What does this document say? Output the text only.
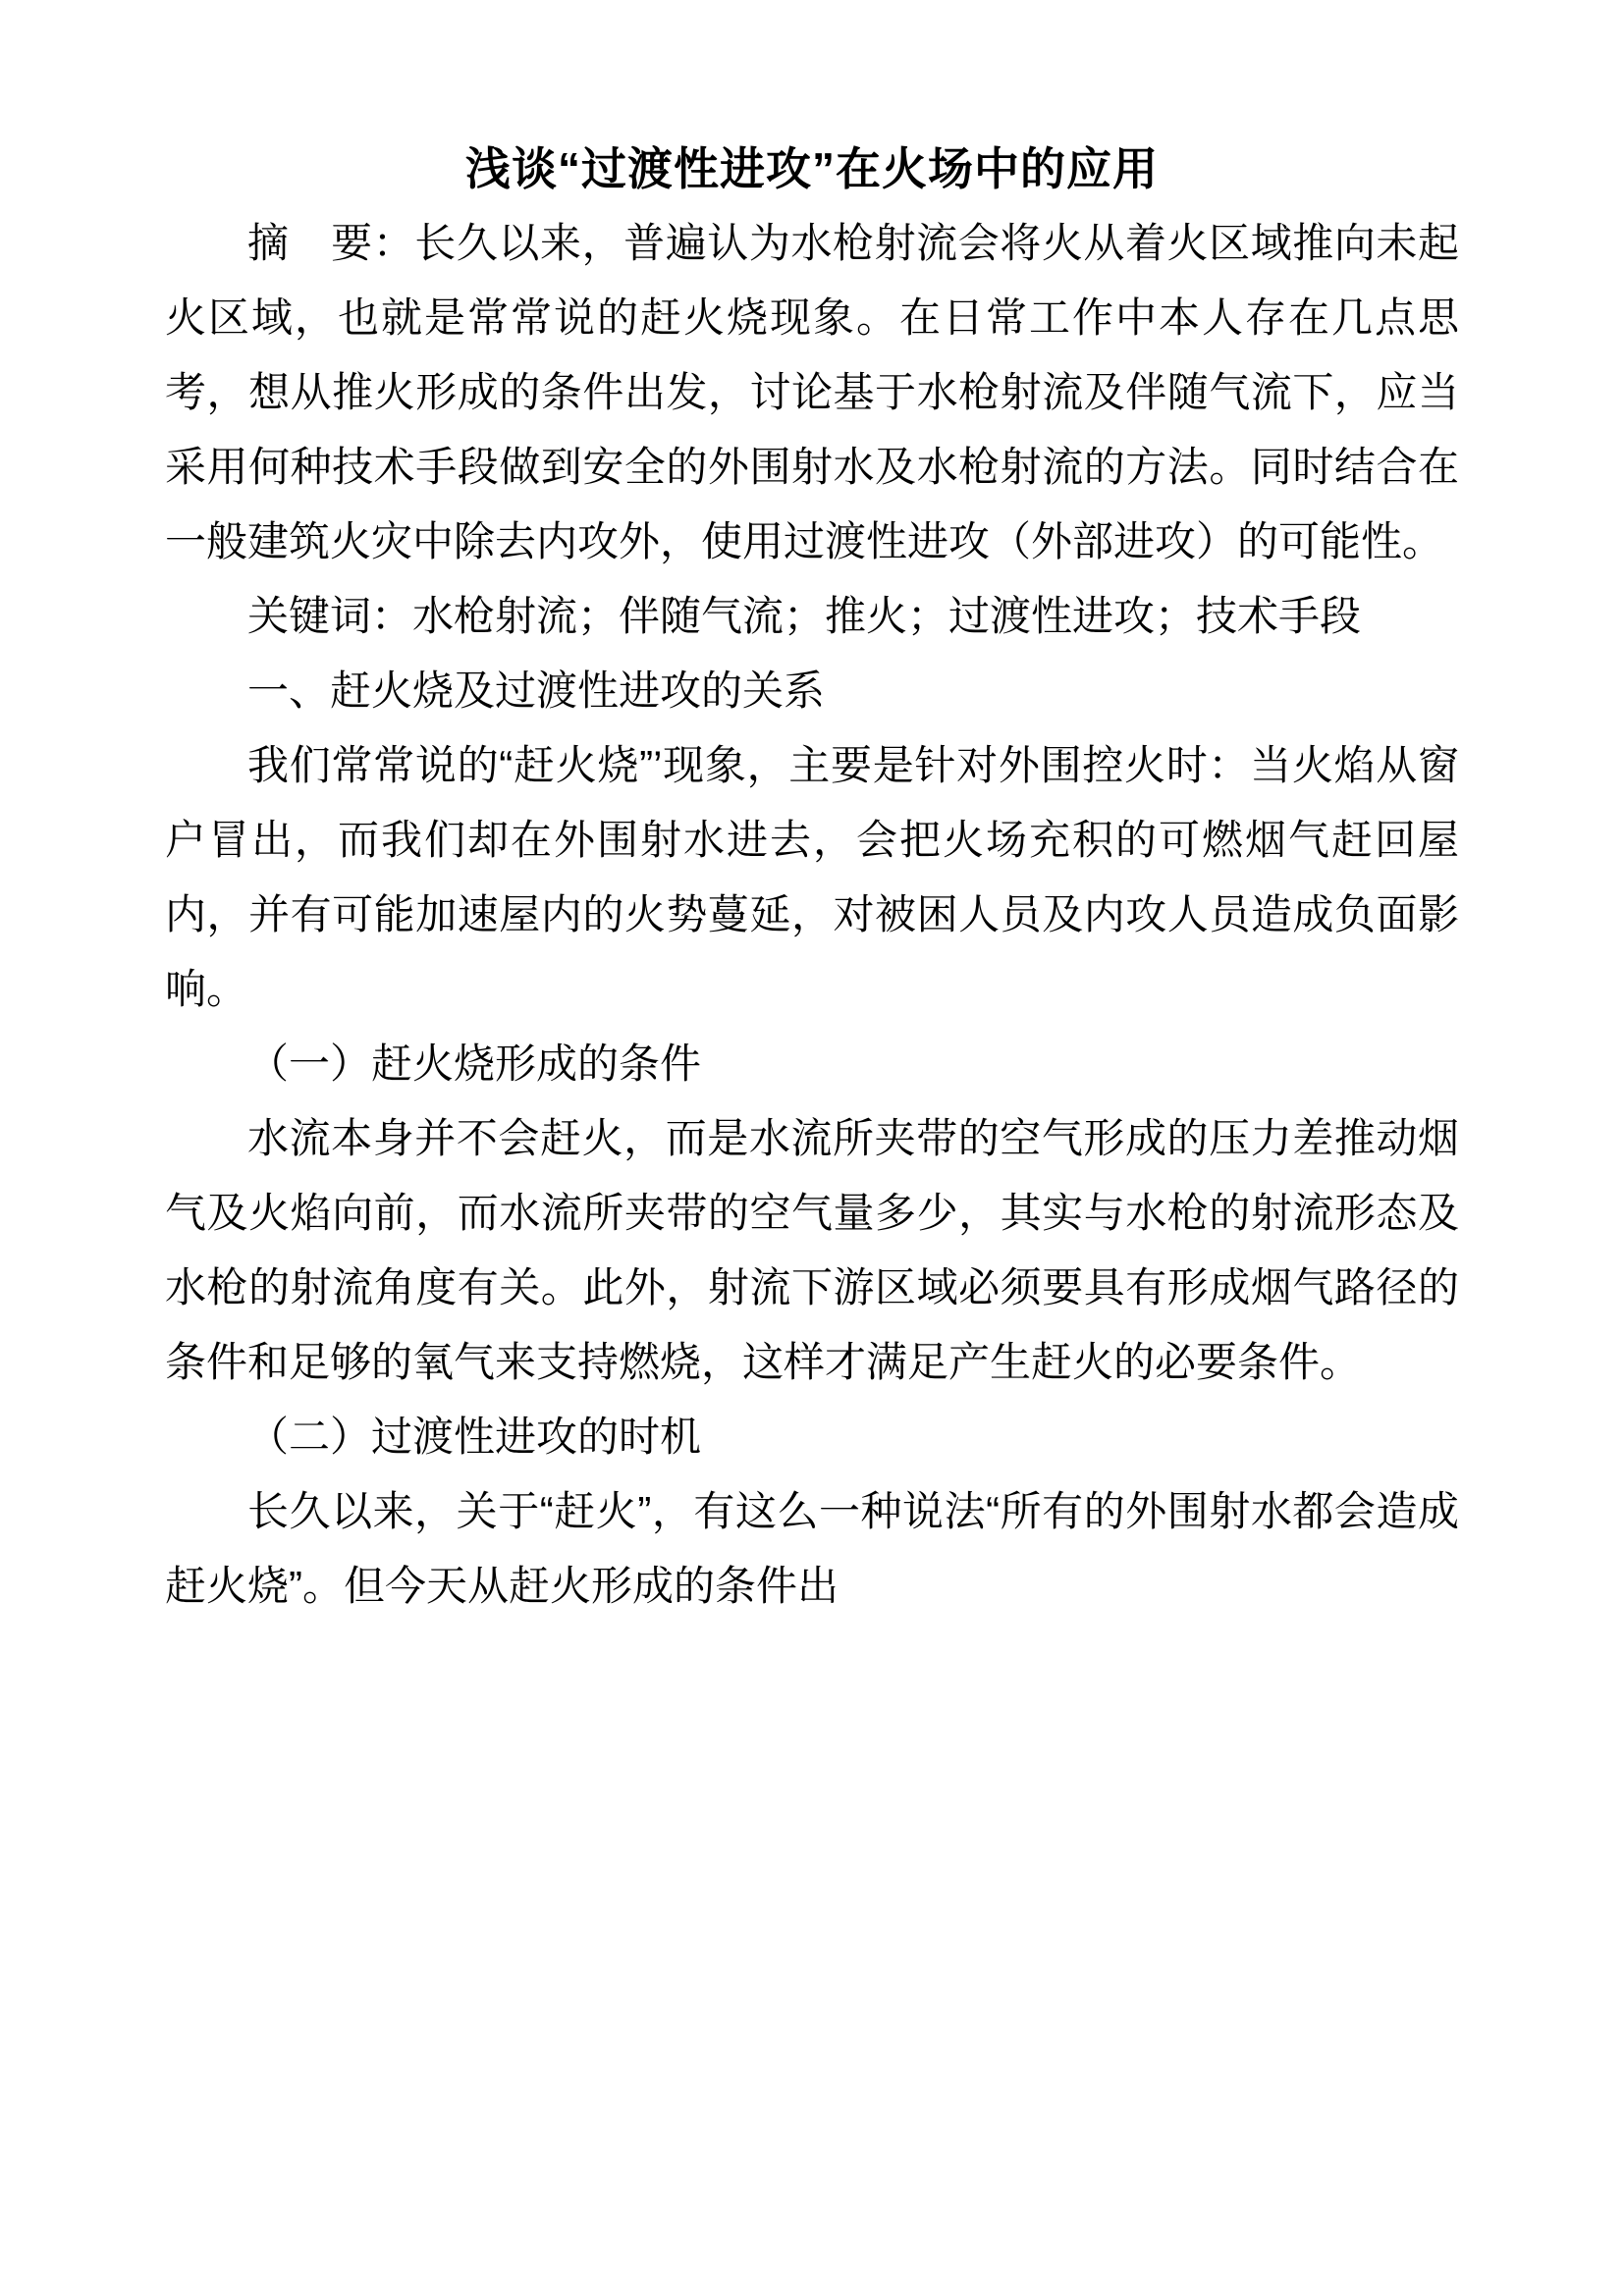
浅谈“过渡性进攻”在火场中的应用

摘　要：长久以来，普遍认为水枪射流会将火从着火区域推向未起火区域，也就是常常说的赶火烧现象。在日常工作中本人存在几点思考，想从推火形成的条件出发，讨论基于水枪射流及伴随气流下，应当采用何种技术手段做到安全的外围射水及水枪射流的方法。同时结合在一般建筑火灾中除去内攻外，使用过渡性进攻（外部进攻）的可能性。

关键词：水枪射流；伴随气流；推火；过渡性进攻；技术手段

一、赶火烧及过渡性进攻的关系

我们常常说的“赶火烧”’现象，主要是针对外围控火时：当火焰从窗户冒出，而我们却在外围射水进去，会把火场充积的可燃烟气赶回屋内，并有可能加速屋内的火势蔓延，对被困人员及内攻人员造成负面影响。

（一）赶火烧形成的条件

水流本身并不会赶火，而是水流所夹带的空气形成的压力差推动烟气及火焰向前，而水流所夹带的空气量多少，其实与水枪的射流形态及水枪的射流角度有关。此外，射流下游区域必须要具有形成烟气路径的条件和足够的氧气来支持燃烧，这样才满足产生赶火的必要条件。

（二）过渡性进攻的时机

长久以来，关于“赶火”，有这么一种说法“所有的外围射水都会造成赶火烧”。但今天从赶火形成的条件出
